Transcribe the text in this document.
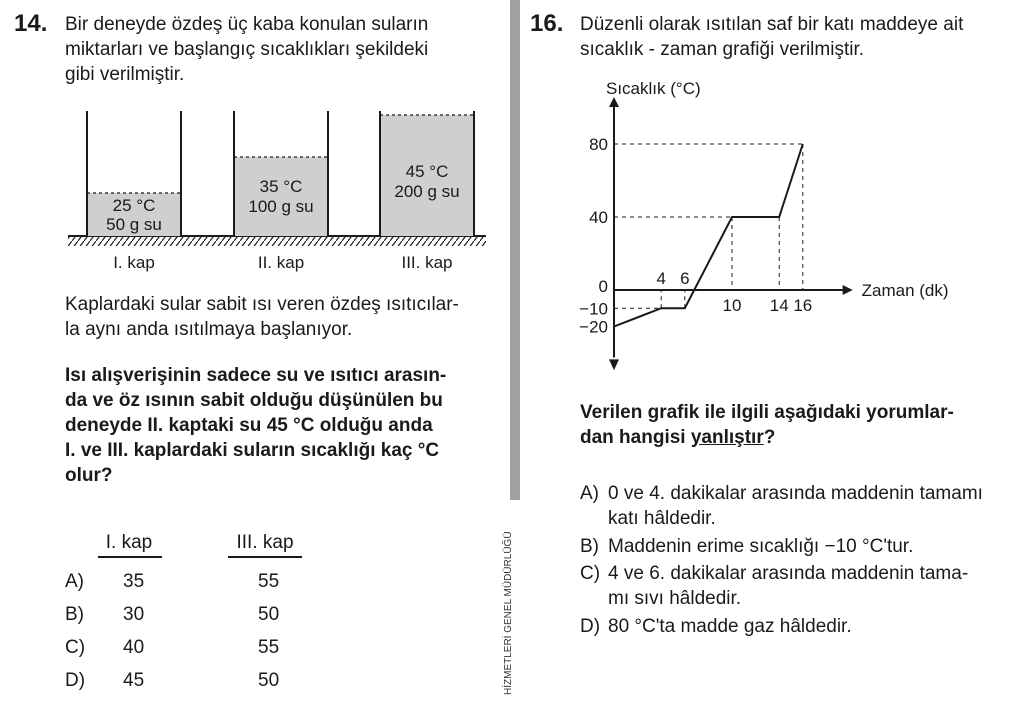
14. Bir deneyde özdeş üç kaba konulan suların
miktarları ve başlangıç sıcaklıkları şekildeki
gibi verilmiştir.
25 °C
50 g su
I. kap
35 °C
100 g su
II. kap
45 °C
200 g su
III. kap
Kaplardaki sular sabit ısı veren özdeş ısıtıcılar-
la aynı anda ısıtılmaya başlanıyor.
Isı alışverişinin sadece su ve ısıtıcı arasın-
da ve öz ısının sabit olduğu düşünülen bu
deneyde II. kaptaki su 45 °C olduğu anda
I. ve III. kaplardaki suların sıcaklığı kaç °C
olur?
I. kap	III. kap
A) 35	55
B) 30	50
C) 40	55
D) 45	50	HİZMETLERİ GENEL MÜDÜRLÜĞÜ
16. Düzenli olarak ısıtılan saf bir katı maddeye ait
sıcaklık - zaman grafiği verilmiştir.
Sıcaklık (°C)
Zaman (dk)
80
40
0
−10
−20
4 6
10 14 16
Verilen grafik ile ilgili aşağıdaki yorumlar-
dan hangisi yanlıştır?
A) 0 ve 4. dakikalar arasında maddenin tamamı
katı hâldedir.
B) Maddenin erime sıcaklığı −10 °C'tur.
C) 4 ve 6. dakikalar arasında maddenin tama-
mı sıvı hâldedir.
D) 80 °C'ta madde gaz hâldedir.
